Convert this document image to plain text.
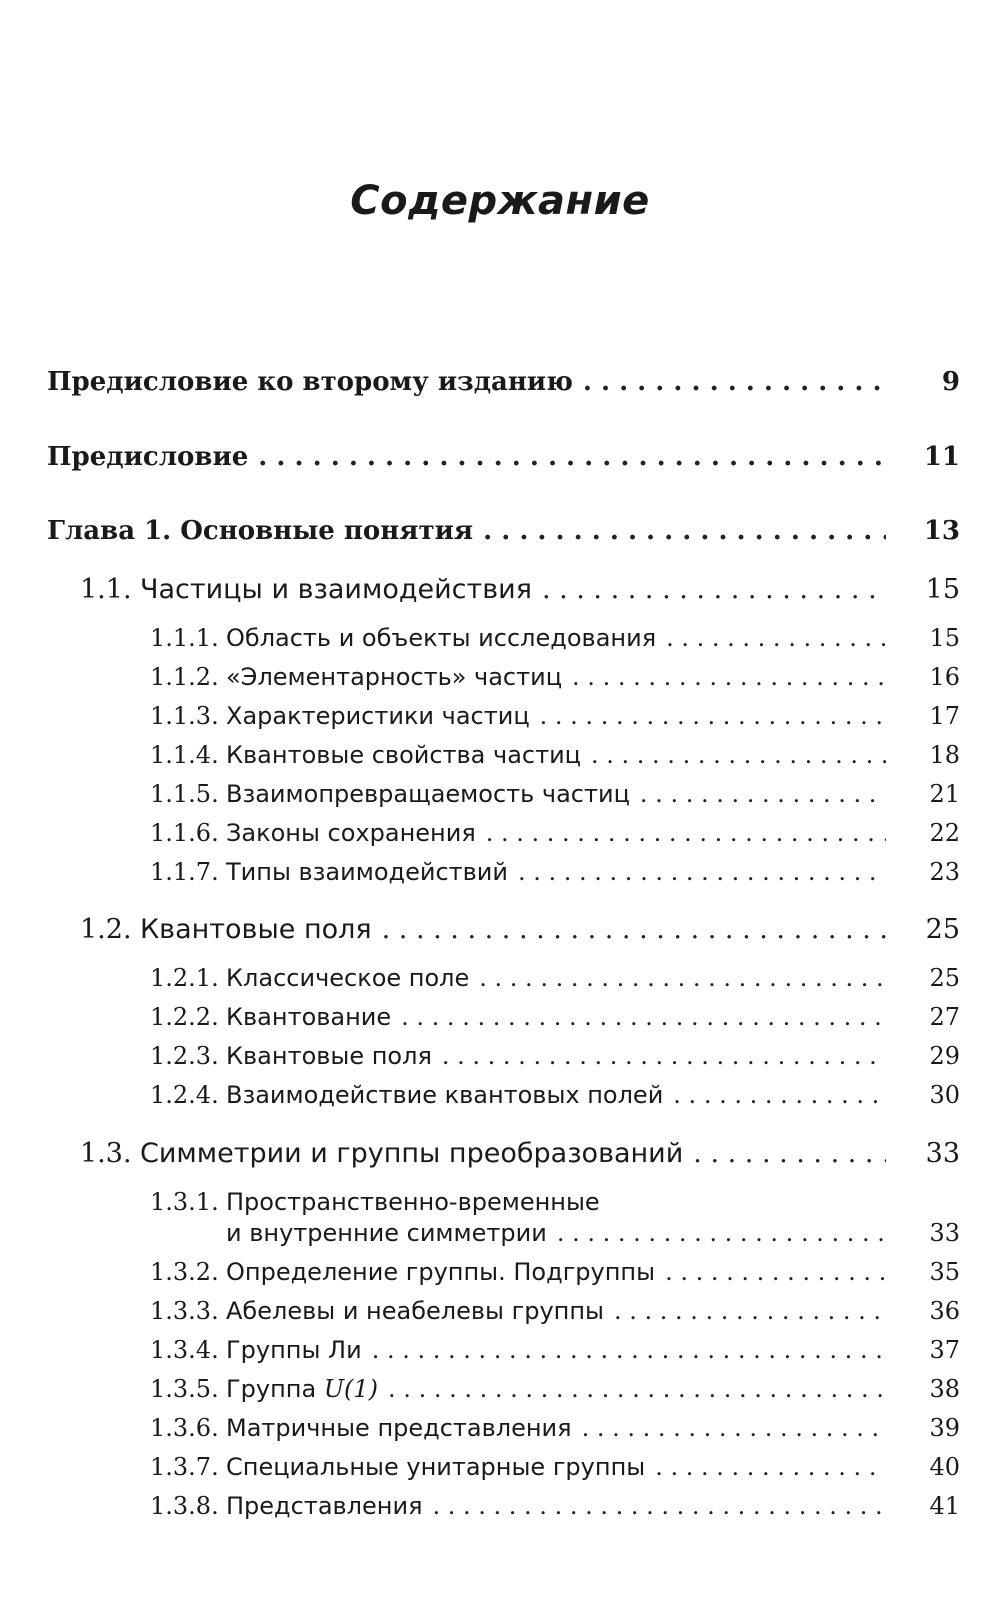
Содержание
Предисловие ко второму изданию . . .	9
Предисловие . . .	11
Глава 1. Основные понятия . . .	13
1.1. Частицы и взаимодействия . . .	15
1.1.1. Область и объекты исследования . . .	15
1.1.2. «Элементарность» частиц . . .	16
1.1.3. Характеристики частиц . . .	17
1.1.4. Квантовые свойства частиц . . .	18
1.1.5. Взаимопревращаемость частиц . . .	21
1.1.6. Законы сохранения . . .	22
1.1.7. Типы взаимодействий . . .	23
1.2. Квантовые поля . . .	25
1.2.1. Классическое поле . . .	25
1.2.2. Квантование . . .	27
1.2.3. Квантовые поля . . .	29
1.2.4. Взаимодействие квантовых полей . . .	30
1.3. Симметрии и группы преобразований . . .	33
1.3.1. Пространственно-временные
и внутренние симметрии . . .	33
1.3.2. Определение группы. Подгруппы . . .	35
1.3.3. Абелевы и неабелевы группы . . .	36
1.3.4. Группы Ли . . .	37
1.3.5. Группа U(1) . . .	38
1.3.6. Матричные представления . . .	39
1.3.7. Специальные унитарные группы . . .	40
1.3.8. Представления . . .	41
